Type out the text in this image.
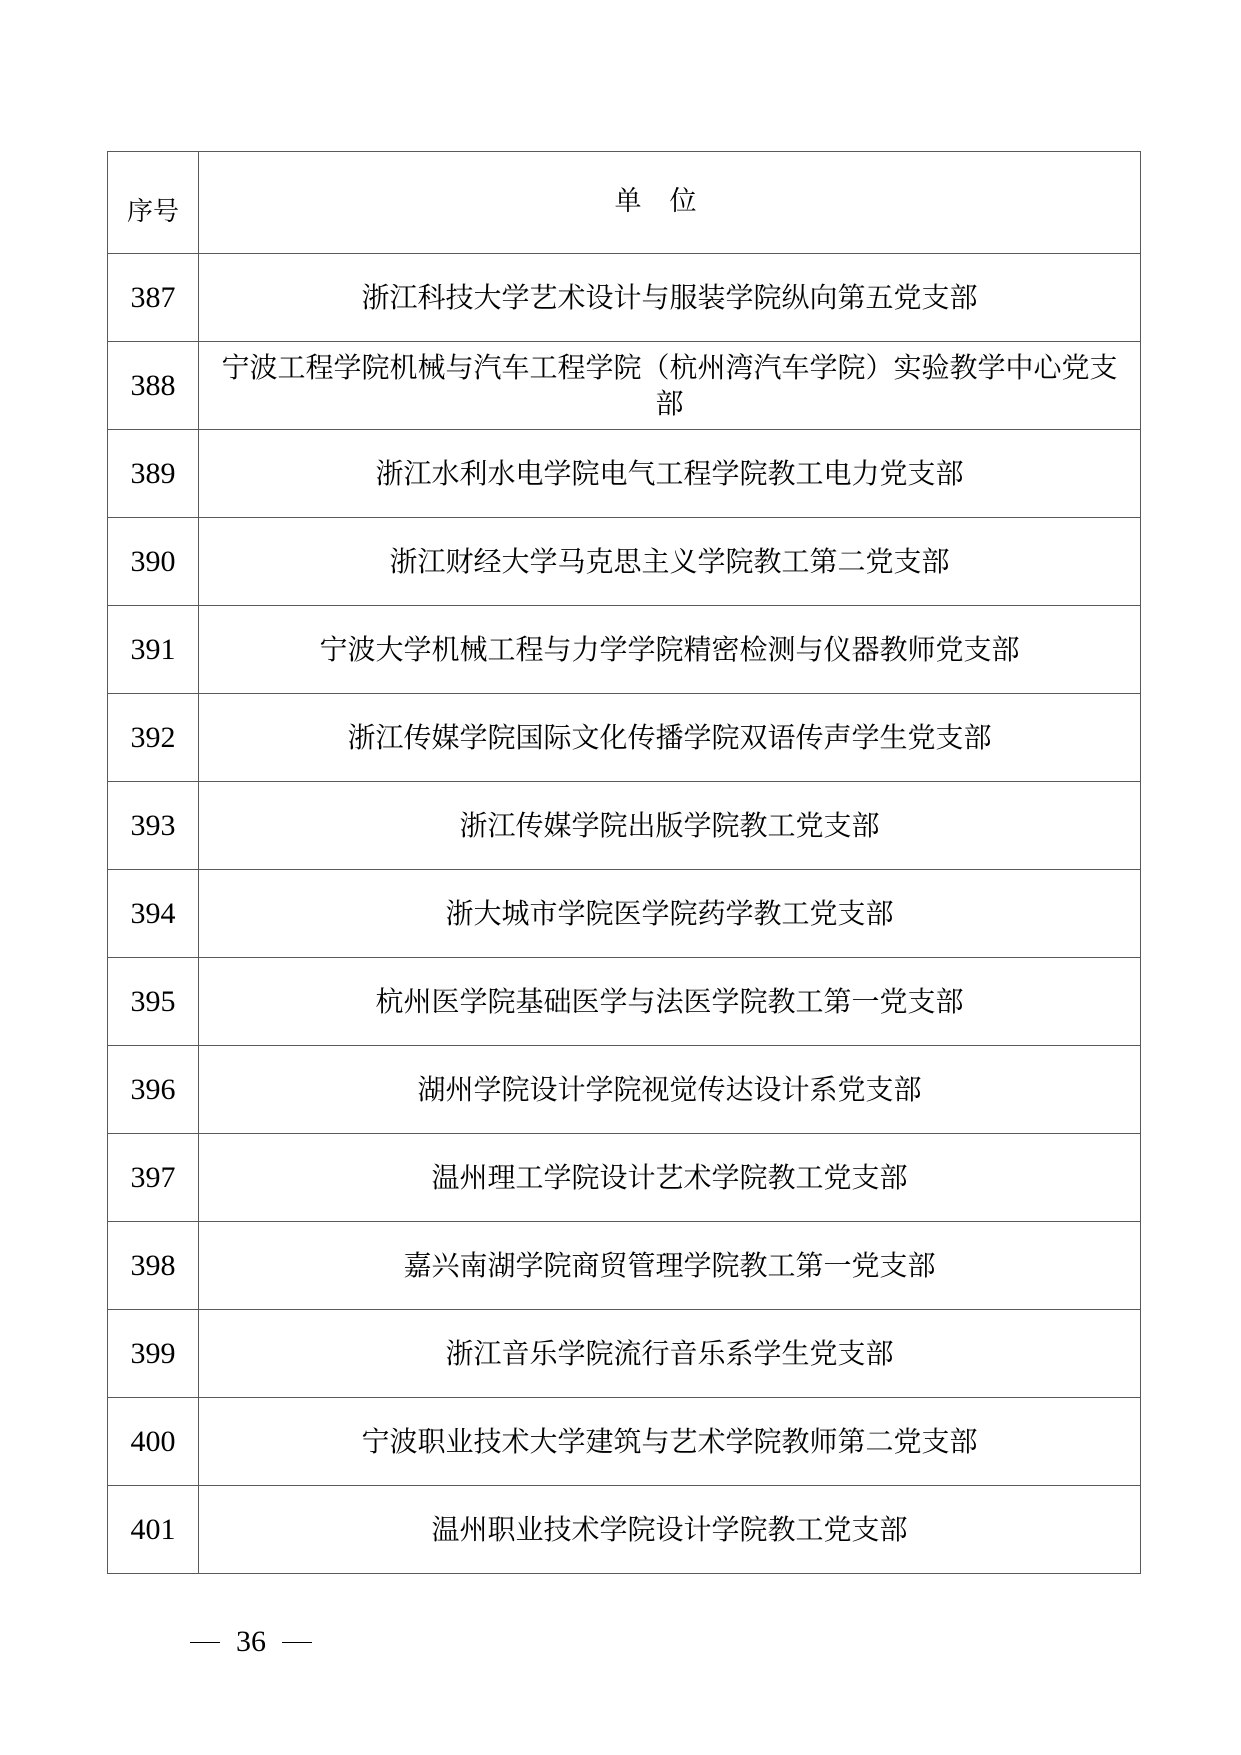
序号	单位
387	浙江科技大学艺术设计与服装学院纵向第五党支部
388	宁波工程学院机械与汽车工程学院（杭州湾汽车学院）实验教学中心党支部
389	浙江水利水电学院电气工程学院教工电力党支部
390	浙江财经大学马克思主义学院教工第二党支部
391	宁波大学机械工程与力学学院精密检测与仪器教师党支部
392	浙江传媒学院国际文化传播学院双语传声学生党支部
393	浙江传媒学院出版学院教工党支部
394	浙大城市学院医学院药学教工党支部
395	杭州医学院基础医学与法医学院教工第一党支部
396	湖州学院设计学院视觉传达设计系党支部
397	温州理工学院设计艺术学院教工党支部
398	嘉兴南湖学院商贸管理学院教工第一党支部
399	浙江音乐学院流行音乐系学生党支部
400	宁波职业技术大学建筑与艺术学院教师第二党支部
401	温州职业技术学院设计学院教工党支部
36
